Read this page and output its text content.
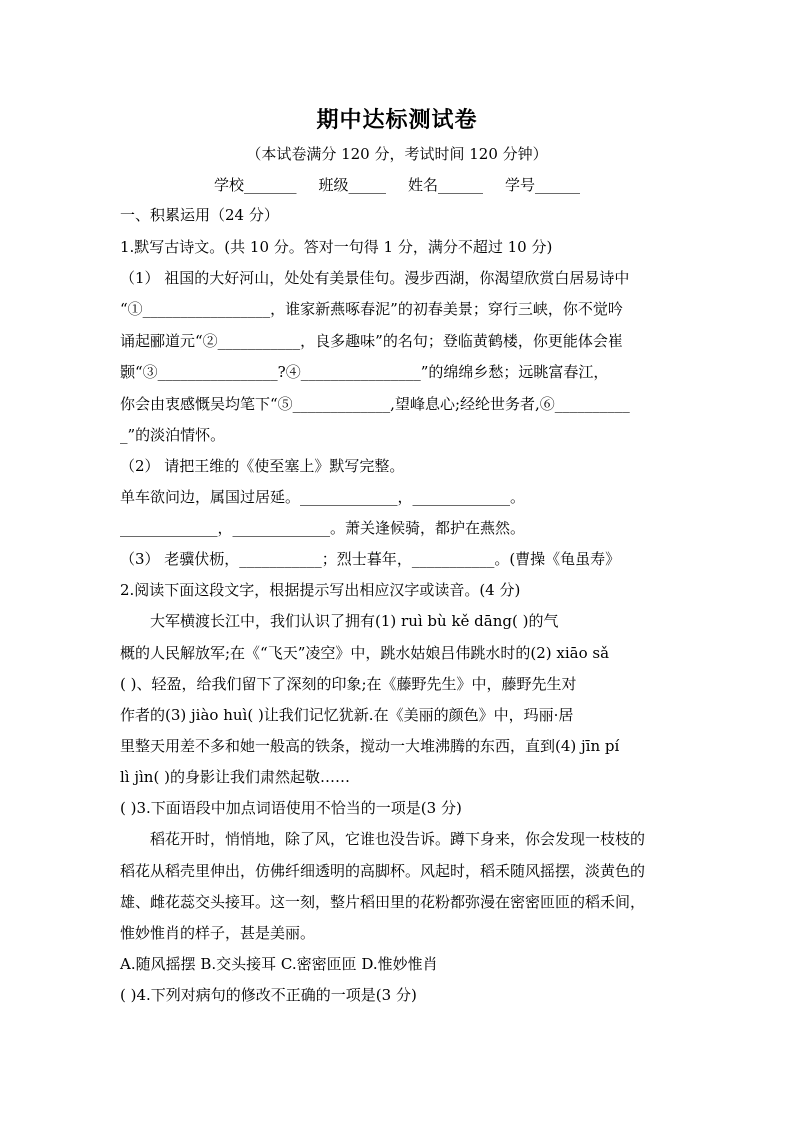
期中达标测试卷
（本试卷满分 120 分，考试时间 120 分钟）
学校_______ 班级_____ 姓名______ 学号______
一、积累运用（24 分）
1.默写古诗文。(共 10 分。答对一句得 1 分，满分不超过 10 分)
（1） 祖国的大好河山，处处有美景佳句。漫步西湖，你渴望欣赏白居易诗中
“①_________________，谁家新燕啄春泥”的初春美景；穿行三峡，你不觉吟
诵起郦道元“②___________，良多趣味”的名句；登临黄鹤楼，你更能体会崔
颢“③________________?④________________”的绵绵乡愁；远眺富春江，
你会由衷感慨吴均笔下“⑤_____________,望峰息心;经纶世务者,⑥__________
_”的淡泊情怀。
（2） 请把王维的《使至塞上》默写完整。
单车欲问边，属国过居延。_____________，_____________。
_____________，_____________。萧关逢候骑，都护在燕然。
（3） 老骥伏枥，___________；烈士暮年，___________。(曹操《龟虽寿》
2.阅读下面这段文字，根据提示写出相应汉字或读音。(4 分)
大军横渡长江中，我们认识了拥有(1) ruì bù kě dāng( )的气
概的人民解放军;在《“飞天”凌空》中，跳水姑娘吕伟跳水时的(2) xiāo sǎ
( )、轻盈，给我们留下了深刻的印象;在《藤野先生》中，藤野先生对
作者的(3) jiào huì( )让我们记忆犹新.在《美丽的颜色》中，玛丽·居
里整天用差不多和她一般高的铁条，搅动一大堆沸腾的东西，直到(4) jīn pí
lì jìn( )的身影让我们肃然起敬……
( )3.下面语段中加点词语使用不恰当的一项是(3 分)
稻花开时，悄悄地，除了风，它谁也没告诉。蹲下身来，你会发现一枝枝的
稻花从稻壳里伸出，仿佛纤细透明的高脚杯。风起时，稻禾随风摇摆，淡黄色的
雄、雌花蕊交头接耳。这一刻，整片稻田里的花粉都弥漫在密密匝匝的稻禾间，
惟妙惟肖的样子，甚是美丽。
A.随风摇摆 B.交头接耳 C.密密匝匝 D.惟妙惟肖
( )4.下列对病句的修改不正确的一项是(3 分)
